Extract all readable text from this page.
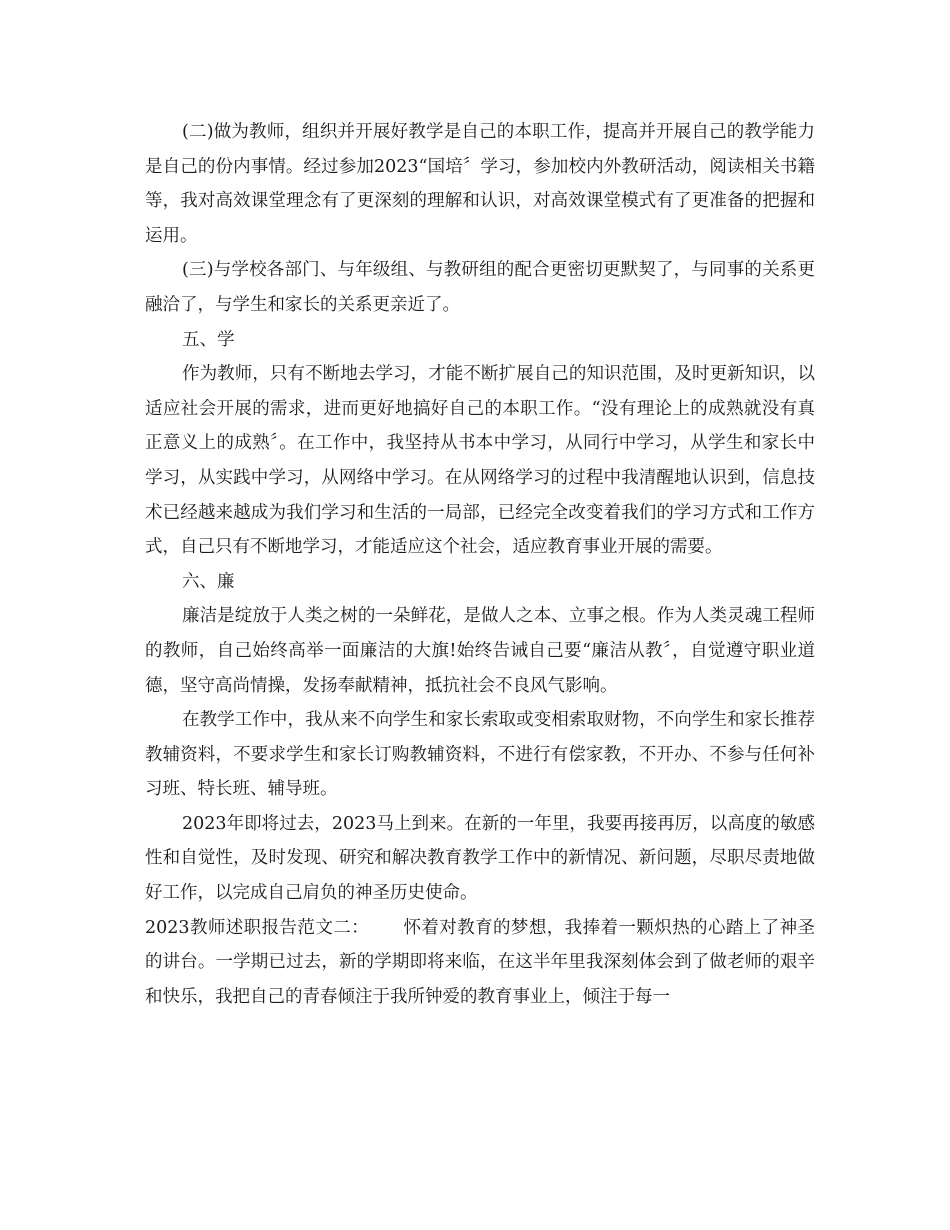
(二)做为教师，组织并开展好教学是自己的本职工作，提高并开展自己的教学能力是自己的份内事情。经过参加2023“国培〞学习，参加校内外教研活动，阅读相关书籍等，我对高效课堂理念有了更深刻的理解和认识，对高效课堂模式有了更准备的把握和运用。

(三)与学校各部门、与年级组、与教研组的配合更密切更默契了，与同事的关系更融洽了，与学生和家长的关系更亲近了。

五、学

作为教师，只有不断地去学习，才能不断扩展自己的知识范围，及时更新知识，以适应社会开展的需求，进而更好地搞好自己的本职工作。“没有理论上的成熟就没有真正意义上的成熟〞。在工作中，我坚持从书本中学习，从同行中学习，从学生和家长中学习，从实践中学习，从网络中学习。在从网络学习的过程中我清醒地认识到，信息技术已经越来越成为我们学习和生活的一局部，已经完全改变着我们的学习方式和工作方式，自己只有不断地学习，才能适应这个社会，适应教育事业开展的需要。

六、廉

廉洁是绽放于人类之树的一朵鲜花，是做人之本、立事之根。作为人类灵魂工程师的教师，自己始终高举一面廉洁的大旗!始终告诫自己要“廉洁从教〞，自觉遵守职业道德，坚守高尚情操，发扬奉献精神，抵抗社会不良风气影响。

在教学工作中，我从来不向学生和家长索取或变相索取财物，不向学生和家长推荐教辅资料，不要求学生和家长订购教辅资料，不进行有偿家教，不开办、不参与任何补习班、特长班、辅导班。

2023年即将过去，2023马上到来。在新的一年里，我要再接再厉，以高度的敏感性和自觉性，及时发现、研究和解决教育教学工作中的新情况、新问题，尽职尽责地做好工作，以完成自己肩负的神圣历史使命。

2023教师述职报告范文二： 怀着对教育的梦想，我捧着一颗炽热的心踏上了神圣的讲台。一学期已过去，新的学期即将来临，在这半年里我深刻体会到了做老师的艰辛和快乐，我把自己的青春倾注于我所钟爱的教育事业上，倾注于每一
